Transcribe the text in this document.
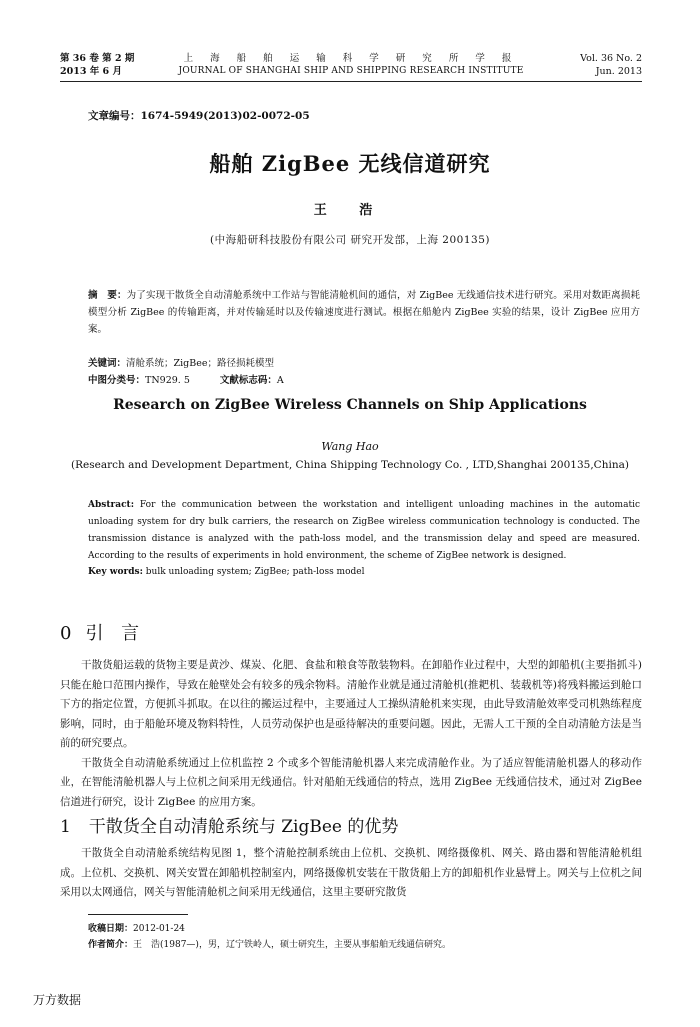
第 36 卷 第 2 期
2013 年 6 月
上 海 船 舶 运 输 科 学 研 究 所 学 报
JOURNAL OF SHANGHAI SHIP AND SHIPPING RESEARCH INSTITUTE
Vol. 36 No. 2
Jun. 2013
文章编号：1674-5949(2013)02-0072-05
船舶 ZigBee 无线信道研究
王 浩
(中海船研科技股份有限公司 研究开发部，上海 200135)
摘　要：为了实现干散货全自动清舱系统中工作站与智能清舱机间的通信，对 ZigBee 无线通信技术进行研究。采用对数距离损耗模型分析 ZigBee 的传输距离，并对传输延时以及传输速度进行测试。根据在船舱内 ZigBee 实验的结果，设计 ZigBee 应用方案。
关键词：清舱系统；ZigBee；路径损耗模型
中图分类号：TN929. 5	文献标志码：A
Research on ZigBee Wireless Channels on Ship Applications
Wang Hao
(Research and Development Department, China Shipping Technology Co. , LTD,Shanghai 200135,China)
Abstract: For the communication between the workstation and intelligent unloading machines in the automatic unloading system for dry bulk carriers, the research on ZigBee wireless communication technology is conducted. The transmission distance is analyzed with the path-loss model, and the transmission delay and speed are measured. According to the results of experiments in hold environment, the scheme of ZigBee network is designed.
Key words: bulk unloading system; ZigBee; path-loss model
0 引 言

干散货船运载的货物主要是黄沙、煤炭、化肥、食盐和粮食等散装物料。在卸船作业过程中，大型的卸船机(主要指抓斗)只能在舱口范围内操作，导致在舱壁处会有较多的残余物料。清舱作业就是通过清舱机(推耙机、装载机等)将残料搬运到舱口下方的指定位置，方便抓斗抓取。在以往的搬运过程中，主要通过人工操纵清舱机来实现，由此导致清舱效率受司机熟练程度影响，同时，由于船舱环境及物料特性，人员劳动保护也是亟待解决的重要问题。因此，无需人工干预的全自动清舱方法是当前的研究要点。

干散货全自动清舱系统通过上位机监控 2 个或多个智能清舱机器人来完成清舱作业。为了适应智能清舱机器人的移动作业，在智能清舱机器人与上位机之间采用无线通信。针对船舶无线通信的特点，选用 ZigBee 无线通信技术，通过对 ZigBee 信道进行研究，设计 ZigBee 的应用方案。

1 干散货全自动清舱系统与 ZigBee 的优势

干散货全自动清舱系统结构见图 1，整个清舱控制系统由上位机、交换机、网络摄像机、网关、路由器和智能清舱机组成。上位机、交换机、网关安置在卸船机控制室内，网络摄像机安装在干散货船上方的卸船机作业悬臂上。网关与上位机之间采用以太网通信，网关与智能清舱机之间采用无线通信，这里主要研究散货

收稿日期：2012-01-24
作者简介：王　浩(1987—)，男，辽宁铁岭人，硕士研究生，主要从事船舶无线通信研究。
万方数据
